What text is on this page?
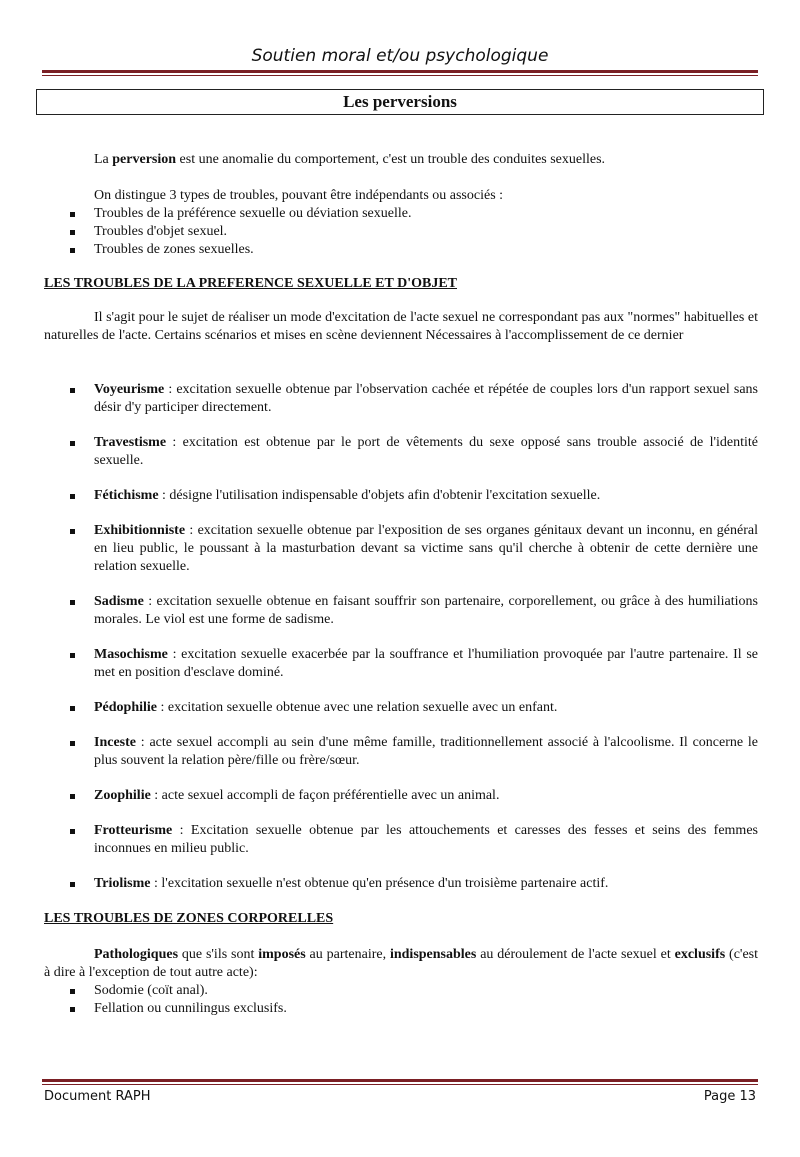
Soutien moral et/ou psychologique
Les perversions

La perversion est une anomalie du comportement, c'est un trouble des conduites sexuelles.

On distingue 3 types de troubles, pouvant être indépendants ou associés :

Troubles de la préférence sexuelle ou déviation sexuelle.

Troubles d'objet sexuel.

Troubles de zones sexuelles.

LES TROUBLES DE LA PREFERENCE SEXUELLE ET D'OBJET

Il s'agit pour le sujet de réaliser un mode d'excitation de l'acte sexuel ne correspondant pas aux "normes" habituelles et naturelles de l'acte. Certains scénarios et mises en scène deviennent Nécessaires à l'accomplissement de ce dernier

Voyeurisme : excitation sexuelle obtenue par l'observation cachée et répétée de couples lors d'un rapport sexuel sans désir d'y participer directement.

Travestisme : excitation est obtenue par le port de vêtements du sexe opposé sans trouble associé de l'identité sexuelle.

Fétichisme : désigne l'utilisation indispensable d'objets afin d'obtenir l'excitation sexuelle.

Exhibitionniste : excitation sexuelle obtenue par l'exposition de ses organes génitaux devant un inconnu, en général en lieu public, le poussant à la masturbation devant sa victime sans qu'il cherche à obtenir de cette dernière une relation sexuelle.

Sadisme : excitation sexuelle obtenue en faisant souffrir son partenaire, corporellement, ou grâce à des humiliations morales. Le viol est une forme de sadisme.

Masochisme : excitation sexuelle exacerbée par la souffrance et l'humiliation provoquée par l'autre partenaire. Il se met en position d'esclave dominé.

Pédophilie : excitation sexuelle obtenue avec une relation sexuelle avec un enfant.

Inceste : acte sexuel accompli au sein d'une même famille, traditionnellement associé à l'alcoolisme. Il concerne le plus souvent la relation père/fille ou frère/sœur.

Zoophilie : acte sexuel accompli de façon préférentielle avec un animal.

Frotteurisme : Excitation sexuelle obtenue par les attouchements et caresses des fesses et seins des femmes inconnues en milieu public.

Triolisme : l'excitation sexuelle n'est obtenue qu'en présence d'un troisième partenaire actif.

LES TROUBLES DE ZONES CORPORELLES

Pathologiques que s'ils sont imposés au partenaire, indispensables au déroulement de l'acte sexuel et exclusifs (c'est à dire à l'exception de tout autre acte):

Sodomie (coït anal).

Fellation ou cunnilingus exclusifs.

Document RAPH	Page 13
